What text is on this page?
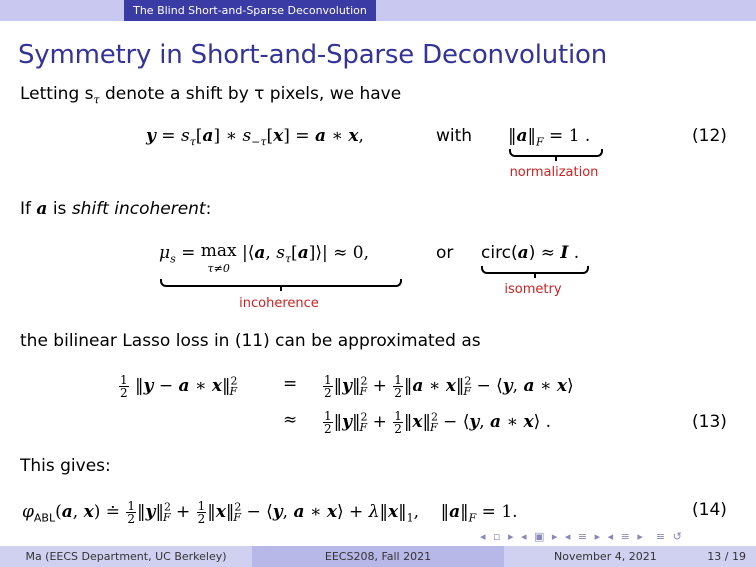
The Blind Short-and-Sparse Deconvolution
Symmetry in Short-and-Sparse Deconvolution
Letting $s_\tau$ denote a shift by τ pixels, we have
$y = s_\tau[a]$ ∗ $s_{-\tau}[x] = a$ ∗ x,	with $‖a‖_F = 1$ .
normalization
(12)
If a is shift incoherent:
$\mu_s = \max$
τ≠0 |⟨a, $s_\tau[a]⟩| \approx 0$,
incoherence
or circ(a) ≈ I .
isometry
the bilinear Lasso loss in (11) can be approximated as
$\frac{1}{2}$ ‖y − a ∗ x‖$^2_F$	= $\frac{1}{2}$ ‖y‖$^2_F$ + $\frac{1}{2}$ ‖a ∗ x‖$^2_F$ − ⟨y, a ∗ x⟩
≈ $\frac{1}{2}$ ‖y‖$^2_F$ + $\frac{1}{2}$ ‖x‖$^2_F$ − ⟨y, a ∗ x⟩ .	(13)
This gives:
$\varphi_{ABL}(a$, x) ≐ $\frac{1}{2}$ ‖y‖$^2_F$ + $\frac{1}{2}$ ‖x‖$^2_F$ − ⟨y, a ∗ x⟩ + $\lambda‖x‖_1$,    $‖a‖_F = 1$.	(14)
◂ ▫ ▸ ◂ ▣ ▸ ◂ ≡ ▸ ◂ ≡ ▸  ≡ ↺
Ma (EECS Department, UC Berkeley)	EECS208, Fall 2021	November 4, 2021	13 / 19
